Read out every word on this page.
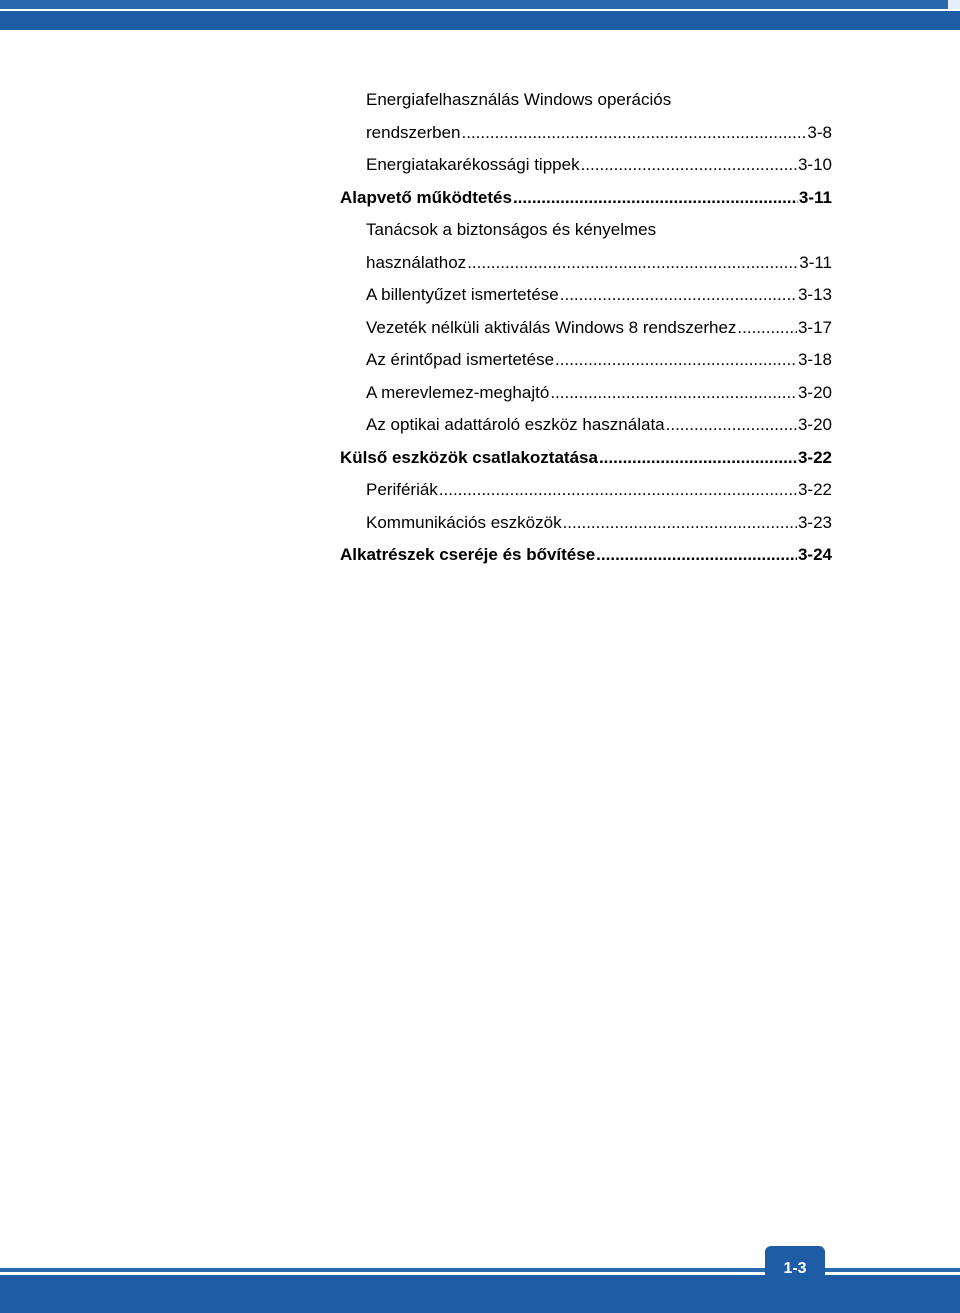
Energiafelhasználás Windows operációs
rendszerben .....	3-8
Energiatakarékossági tippek .....	3-10
Alapvető működtetés .....	3-11
Tanácsok a biztonságos és kényelmes
használathoz .....	3-11
A billentyűzet ismertetése .....	3-13
Vezeték nélküli aktiválás Windows 8 rendszerhez .....	3-17
Az érintőpad ismertetése .....	3-18
A merevlemez-meghajtó .....	3-20
Az optikai adattároló eszköz használata .....	3-20
Külső eszközök csatlakoztatása .....	3-22
Perifériák .....	3-22
Kommunikációs eszközök .....	3-23
Alkatrészek cseréje és bővítése .....	3-24
1-3
